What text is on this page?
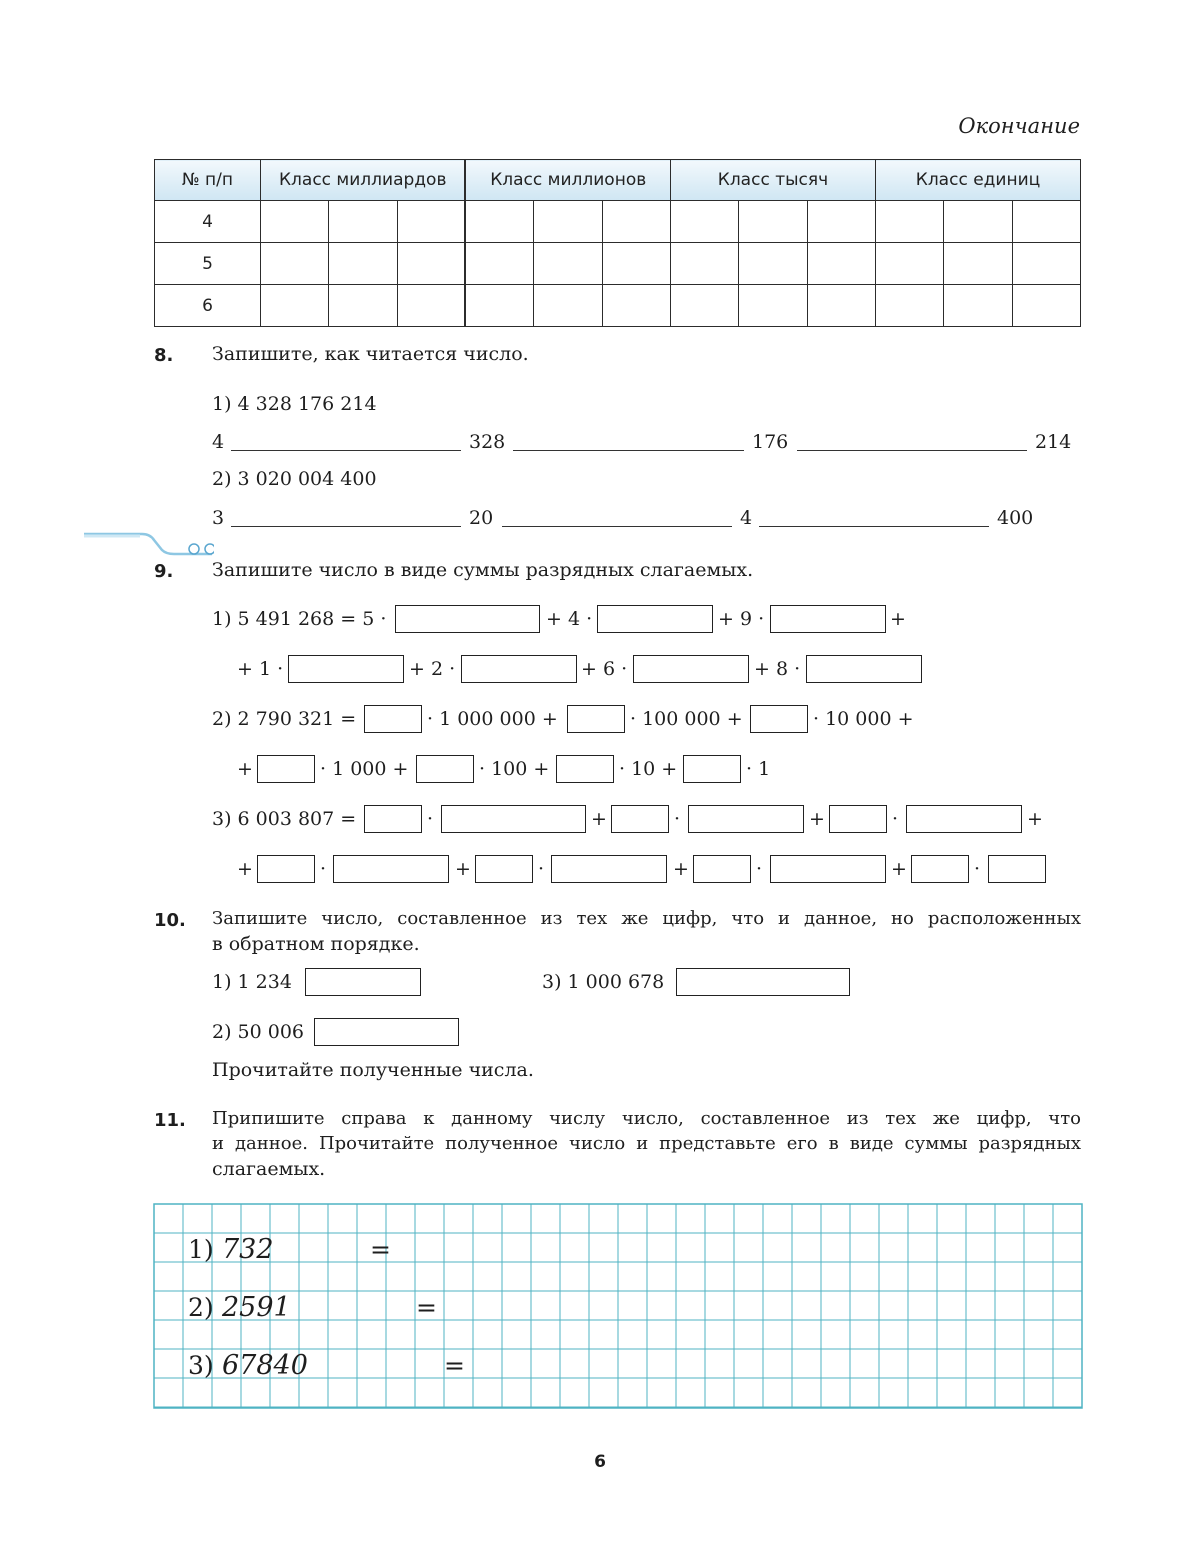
Окончание
№ п/п	Класс миллиардов			Класс миллионов			Класс тысяч			Класс единиц		
4												
5												
6												
8. Запишите, как читается число.
1) 4 328 176 214
4	328	176	214
2) 3 020 004 400
3	20	4	400
9. Запишите число в виде суммы разрядных слагаемых.
1) 5 491 268 = 5 ·	+ 4 ·	+ 9 ·	+
+ 1 ·	+ 2 ·	+ 6 ·	+ 8 ·
2) 2 790 321 =	· 1 000 000 +	· 100 000 +	· 10 000 +
+	· 1 000 +	· 100 +	· 10 +	· 1
3) 6 003 807 =	·	+	·	+	·	+
+	·	+	·	+	·	+	·
10. Запишите число, составленное из тех же цифр, что и данное, но расположенных
в обратном порядке.
1) 1 234	3) 1 000 678
2) 50 006
Прочитайте полученные числа.
11. Припишите справа к данному числу число, составленное из тех же цифр, что
и данное. Прочитайте полученное число и представьте его в виде суммы разрядных
слагаемых.
1) 732	=
2) 2591	=
3) 67840	=
6
